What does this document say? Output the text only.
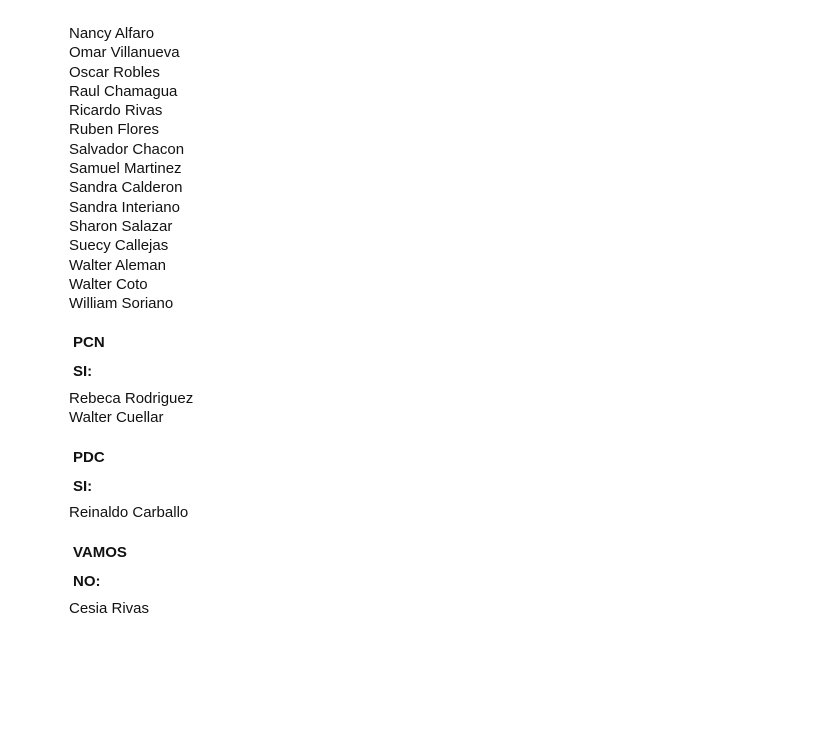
Nancy Alfaro
Omar Villanueva
Oscar Robles
Raul Chamagua
Ricardo Rivas
Ruben Flores
Salvador Chacon
Samuel Martinez
Sandra Calderon
Sandra Interiano
Sharon Salazar
Suecy Callejas
Walter Aleman
Walter Coto
William Soriano

PCN

SI:

Rebeca Rodriguez
Walter Cuellar

PDC

SI:

Reinaldo Carballo

VAMOS

NO:

Cesia Rivas
